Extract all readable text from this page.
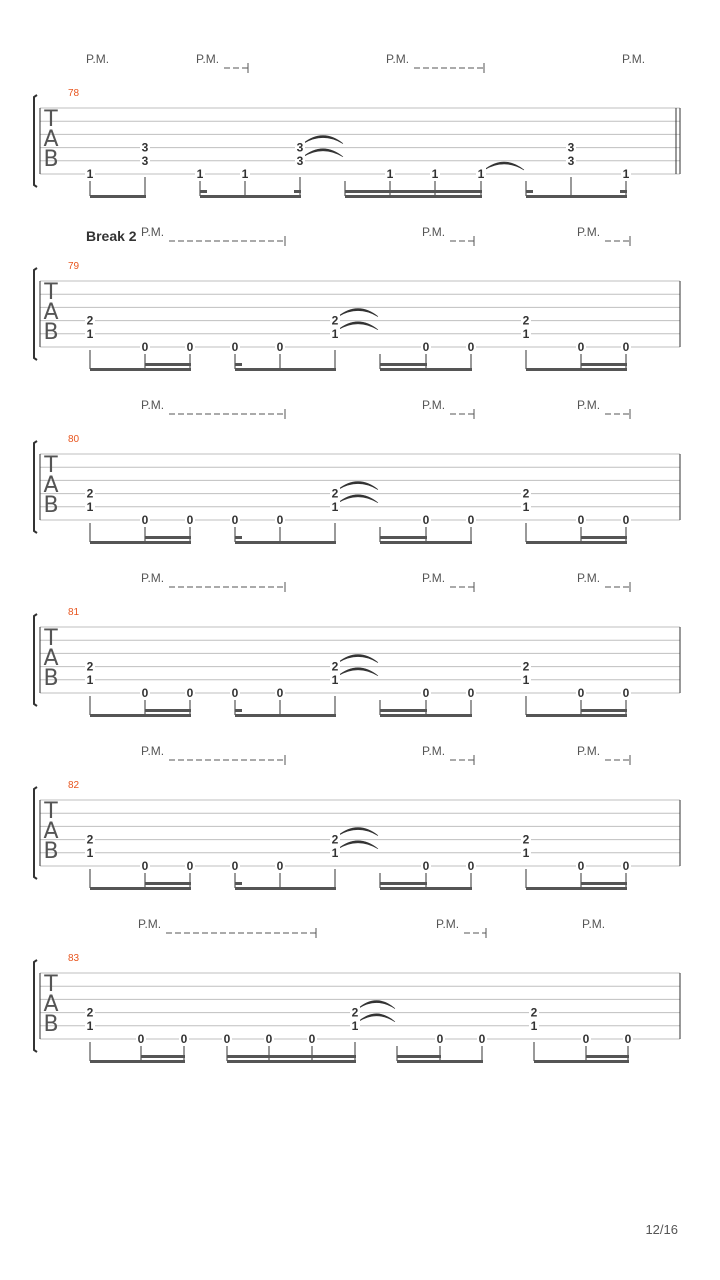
T
A
B
78
P.M.	P.M.	P.M.	P.M.
1
3
3
1	1
3
3
1	1	1
3
3
1
T
A
B
79
Break 2 P.M.	P.M.	P.M.
2
1
0	0	0	0
2
1
0	0
2
1
0	0
T
A
B
80
P.M.	P.M.	P.M.
2
1
0	0	0	0
2
1
0	0
2
1
0	0
T
A
B
81
P.M.	P.M.	P.M.
2
1
0	0	0	0
2
1
0	0
2
1
0	0
T
A
B
82
P.M.	P.M.	P.M.
2
1
0	0	0	0
2
1
0	0
2
1
0	0
T
A
B
83
P.M.	P.M.	P.M.
2
1
0	0	0	0	0
2
1
0	0
2
1
0	0
12/16
